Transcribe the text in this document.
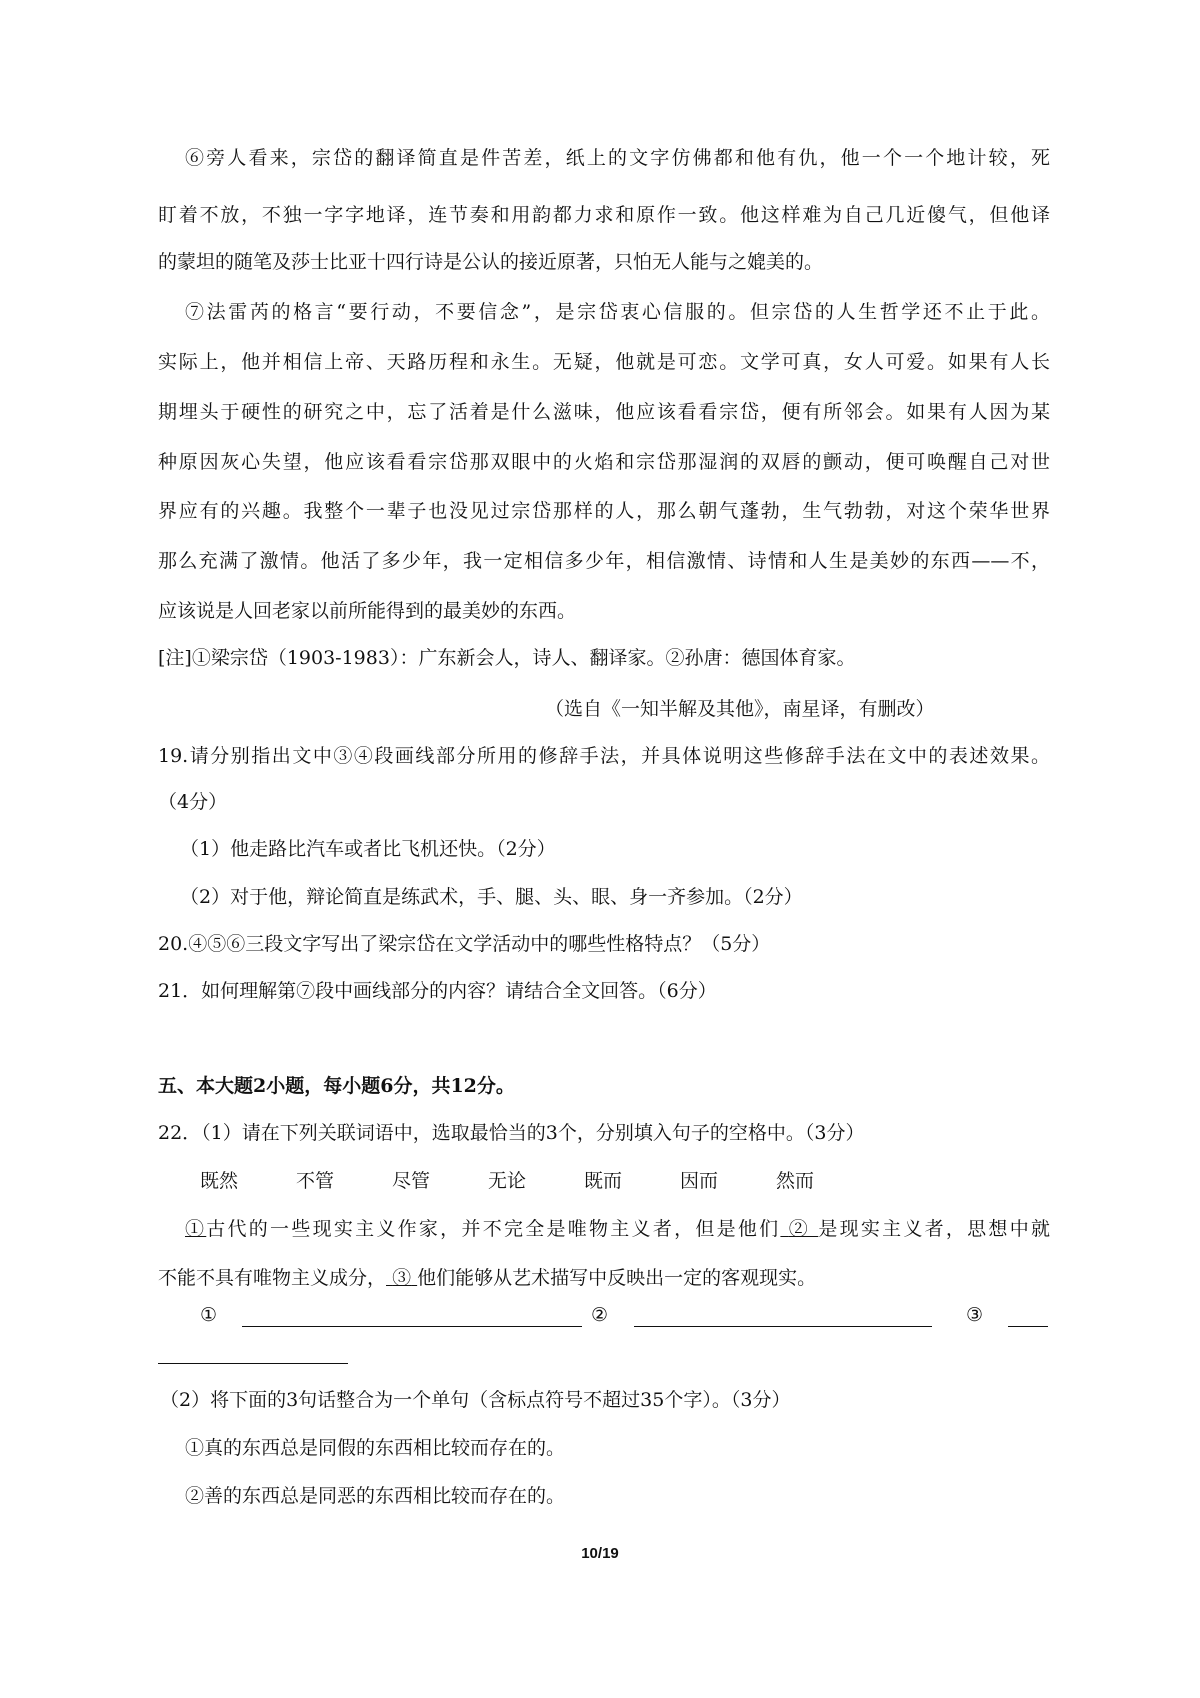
⑥旁人看来，宗岱的翻译简直是件苦差，纸上的文字仿佛都和他有仇，他一个一个地计较，死
盯着不放，不独一字字地译，连节奏和用韵都力求和原作一致。他这样难为自己几近傻气，但他译
的蒙坦的随笔及莎士比亚十四行诗是公认的接近原著，只怕无人能与之媲美的。
⑦法雷芮的格言“要行动，不要信念”，是宗岱衷心信服的。但宗岱的人生哲学还不止于此。
实际上，他并相信上帝、天路历程和永生。无疑，他就是可恋。文学可真，女人可爱。如果有人长
期埋头于硬性的研究之中，忘了活着是什么滋味，他应该看看宗岱，便有所邻会。如果有人因为某
种原因灰心失望，他应该看看宗岱那双眼中的火焰和宗岱那湿润的双唇的颤动，便可唤醒自己对世
界应有的兴趣。我整个一辈子也没见过宗岱那样的人，那么朝气蓬勃，生气勃勃，对这个荣华世界
那么充满了激情。他活了多少年，我一定相信多少年，相信激情、诗情和人生是美妙的东西——不，
应该说是人回老家以前所能得到的最美妙的东西。
[注]①梁宗岱（1903-1983）：广东新会人，诗人、翻译家。②孙唐：德国体育家。
（选自《一知半解及其他》，南星译，有删改）
19.请分别指出文中③④段画线部分所用的修辞手法，并具体说明这些修辞手法在文中的表述效果。
（4分）
（1）他走路比汽车或者比飞机还快。（2分）
（2）对于他，辩论简直是练武术，手、腿、头、眼、身一齐参加。（2分）
20.④⑤⑥三段文字写出了梁宗岱在文学活动中的哪些性格特点？（5分）
21．如何理解第⑦段中画线部分的内容？请结合全文回答。（6分）
五、本大题2小题，每小题6分，共12分。
22．（1）请在下列关联词语中，选取最恰当的3个，分别填入句子的空格中。（3分）
既然	不管	尽管	无论	既而	因而	然而
①古代的一些现实主义作家，并不完全是唯物主义者，但是他们 ② 是现实主义者，思想中就
不能不具有唯物主义成分， ③ 他们能够从艺术描写中反映出一定的客观现实。
①	②	③
（2）将下面的3句话整合为一个单句（含标点符号不超过35个字）。（3分）
①真的东西总是同假的东西相比较而存在的。
②善的东西总是同恶的东西相比较而存在的。
10/19
